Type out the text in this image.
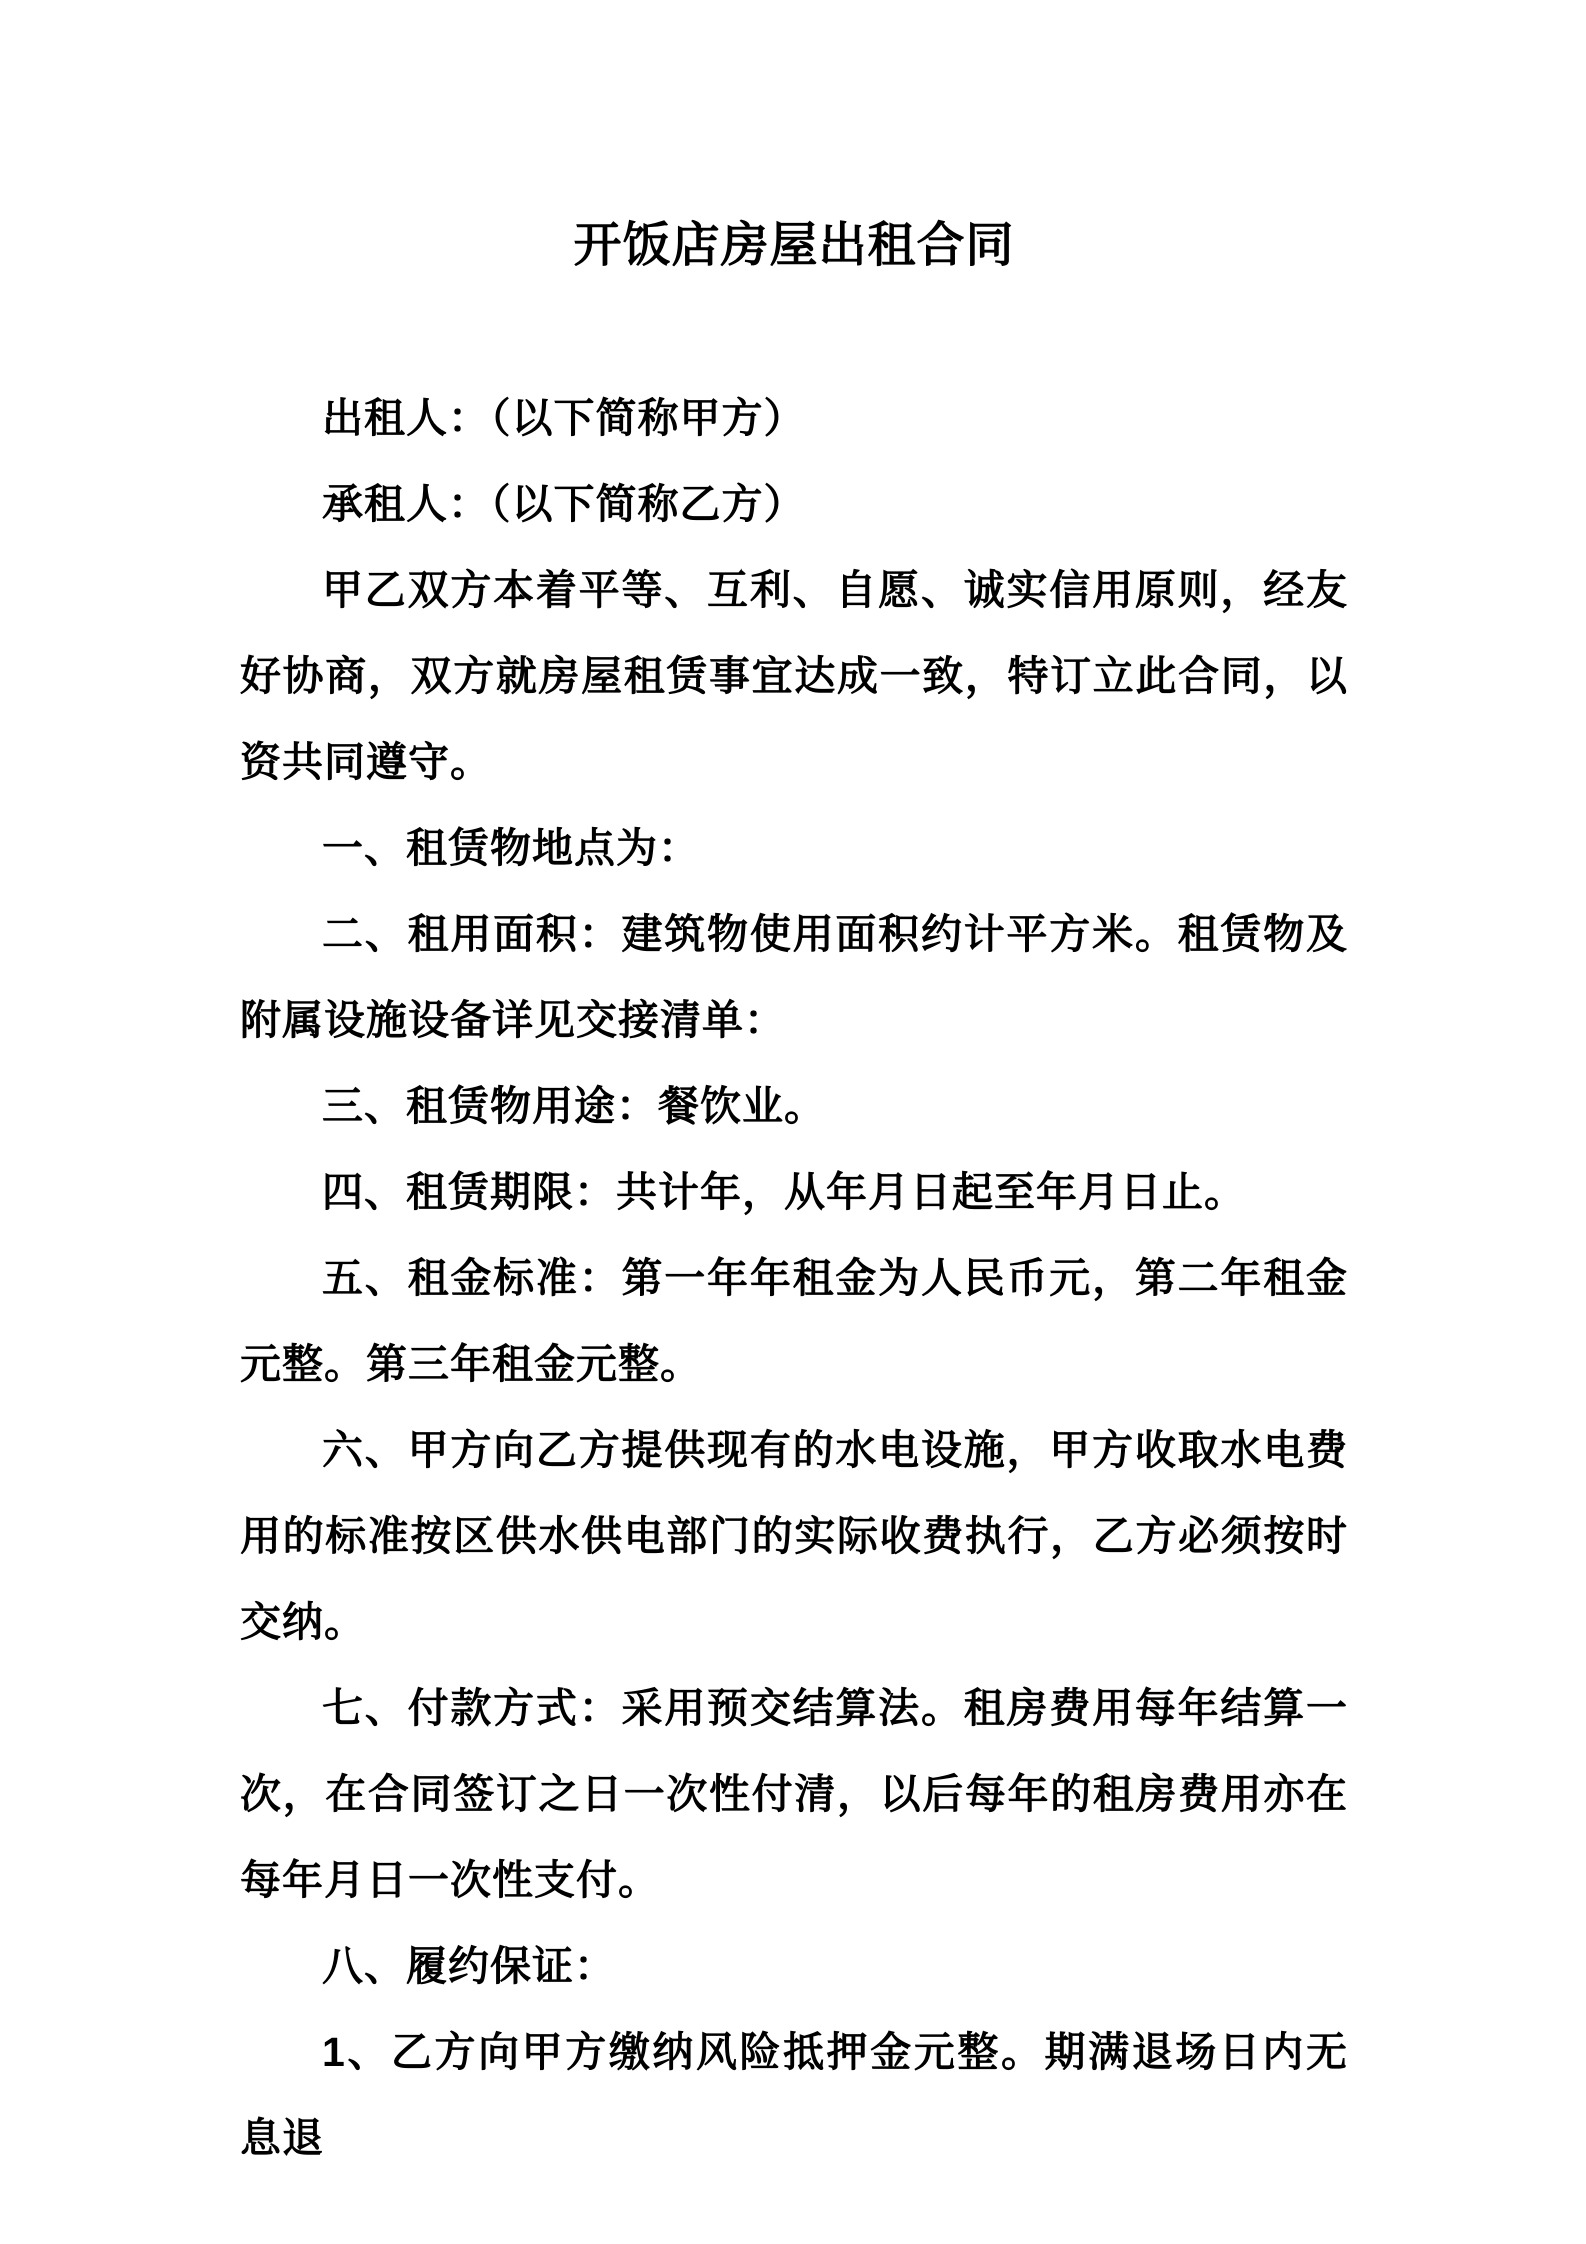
开饭店房屋出租合同

出租人：（以下简称甲方）

承租人：（以下简称乙方）

甲乙双方本着平等、互利、自愿、诚实信用原则，经友好协商，双方就房屋租赁事宜达成一致，特订立此合同，以资共同遵守。

一、租赁物地点为：

二、租用面积：建筑物使用面积约计平方米。租赁物及附属设施设备详见交接清单：

三、租赁物用途：餐饮业。

四、租赁期限：共计年，从年月日起至年月日止。

五、租金标准：第一年年租金为人民币元，第二年租金元整。第三年租金元整。

六、甲方向乙方提供现有的水电设施，甲方收取水电费用的标准按区供水供电部门的实际收费执行，乙方必须按时交纳。

七、付款方式：采用预交结算法。租房费用每年结算一次，在合同签订之日一次性付清，以后每年的租房费用亦在每年月日一次性支付。

八、履约保证：

1、乙方向甲方缴纳风险抵押金元整。期满退场日内无息退
